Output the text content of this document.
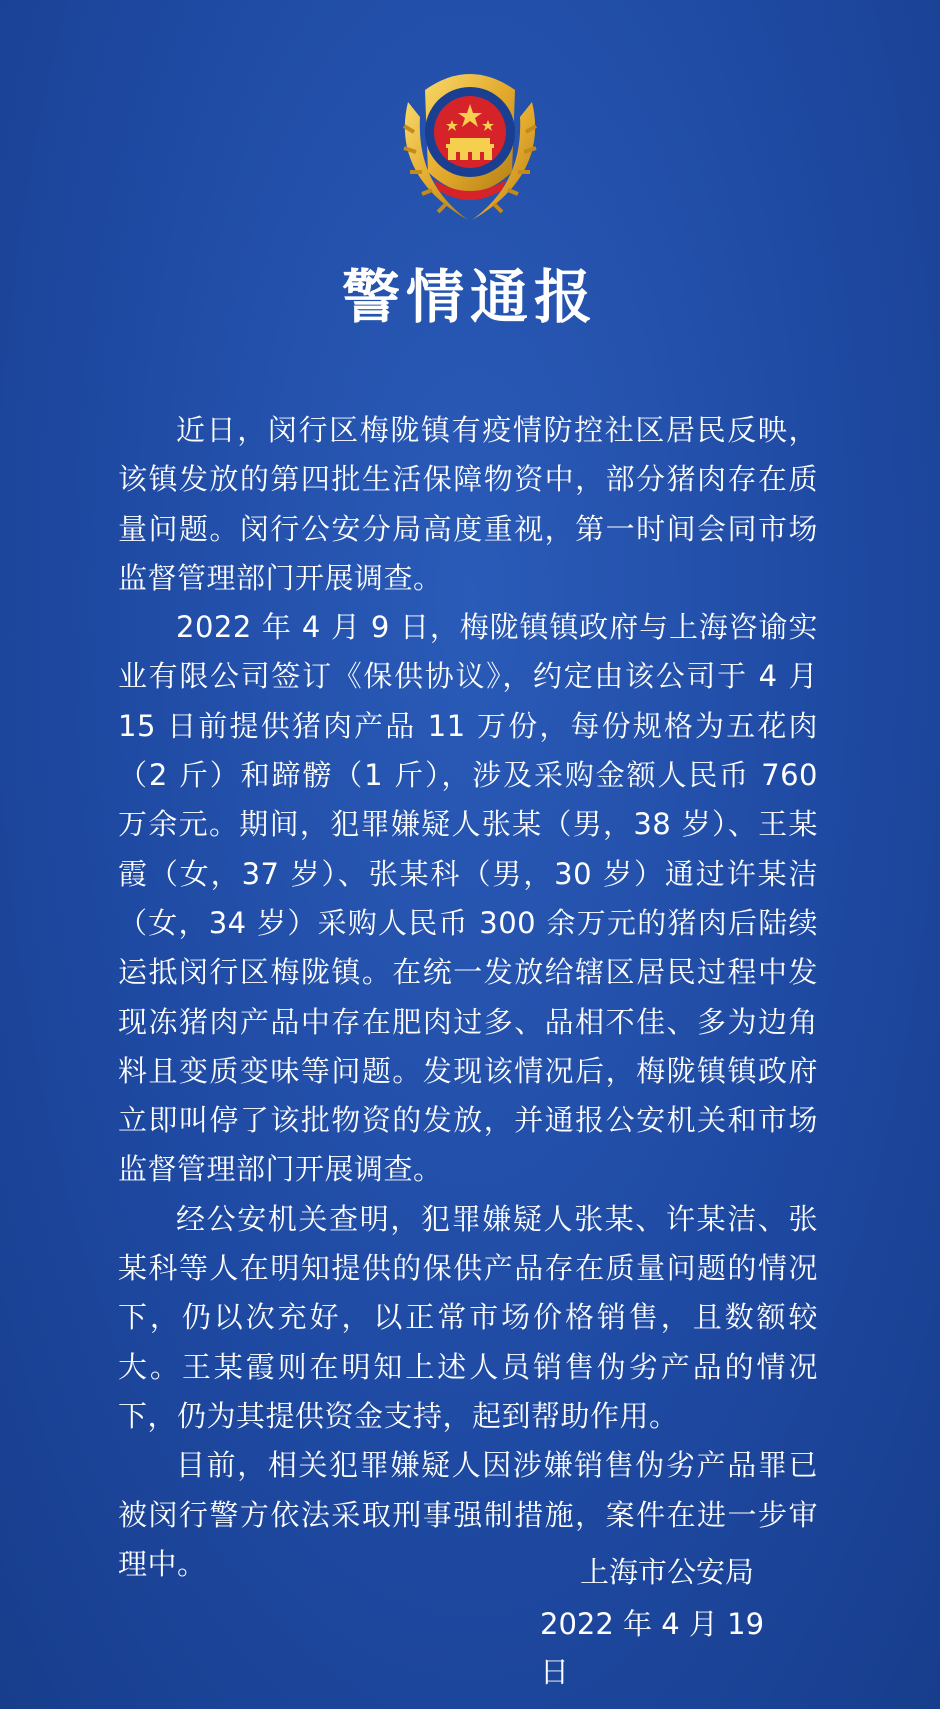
警情通报

近日，闵行区梅陇镇有疫情防控社区居民反映，该镇发放的第四批生活保障物资中，部分猪肉存在质量问题。闵行公安分局高度重视，第一时间会同市场监督管理部门开展调查。

2022 年 4 月 9 日，梅陇镇镇政府与上海咨谕实业有限公司签订《保供协议》，约定由该公司于 4 月 15 日前提供猪肉产品 11 万份，每份规格为五花肉（2 斤）和蹄髈（1 斤），涉及采购金额人民币 760 万余元。期间，犯罪嫌疑人张某（男，38 岁）、王某霞（女，37 岁）、张某科（男，30 岁）通过许某洁（女，34 岁）采购人民币 300 余万元的猪肉后陆续运抵闵行区梅陇镇。在统一发放给辖区居民过程中发现冻猪肉产品中存在肥肉过多、品相不佳、多为边角料且变质变味等问题。发现该情况后，梅陇镇镇政府立即叫停了该批物资的发放，并通报公安机关和市场监督管理部门开展调查。

经公安机关查明，犯罪嫌疑人张某、许某洁、张某科等人在明知提供的保供产品存在质量问题的情况下，仍以次充好，以正常市场价格销售，且数额较大。王某霞则在明知上述人员销售伪劣产品的情况下，仍为其提供资金支持，起到帮助作用。

目前，相关犯罪嫌疑人因涉嫌销售伪劣产品罪已被闵行警方依法采取刑事强制措施，案件在进一步审理中。	上海市公安局
2022 年 4 月 19 日
